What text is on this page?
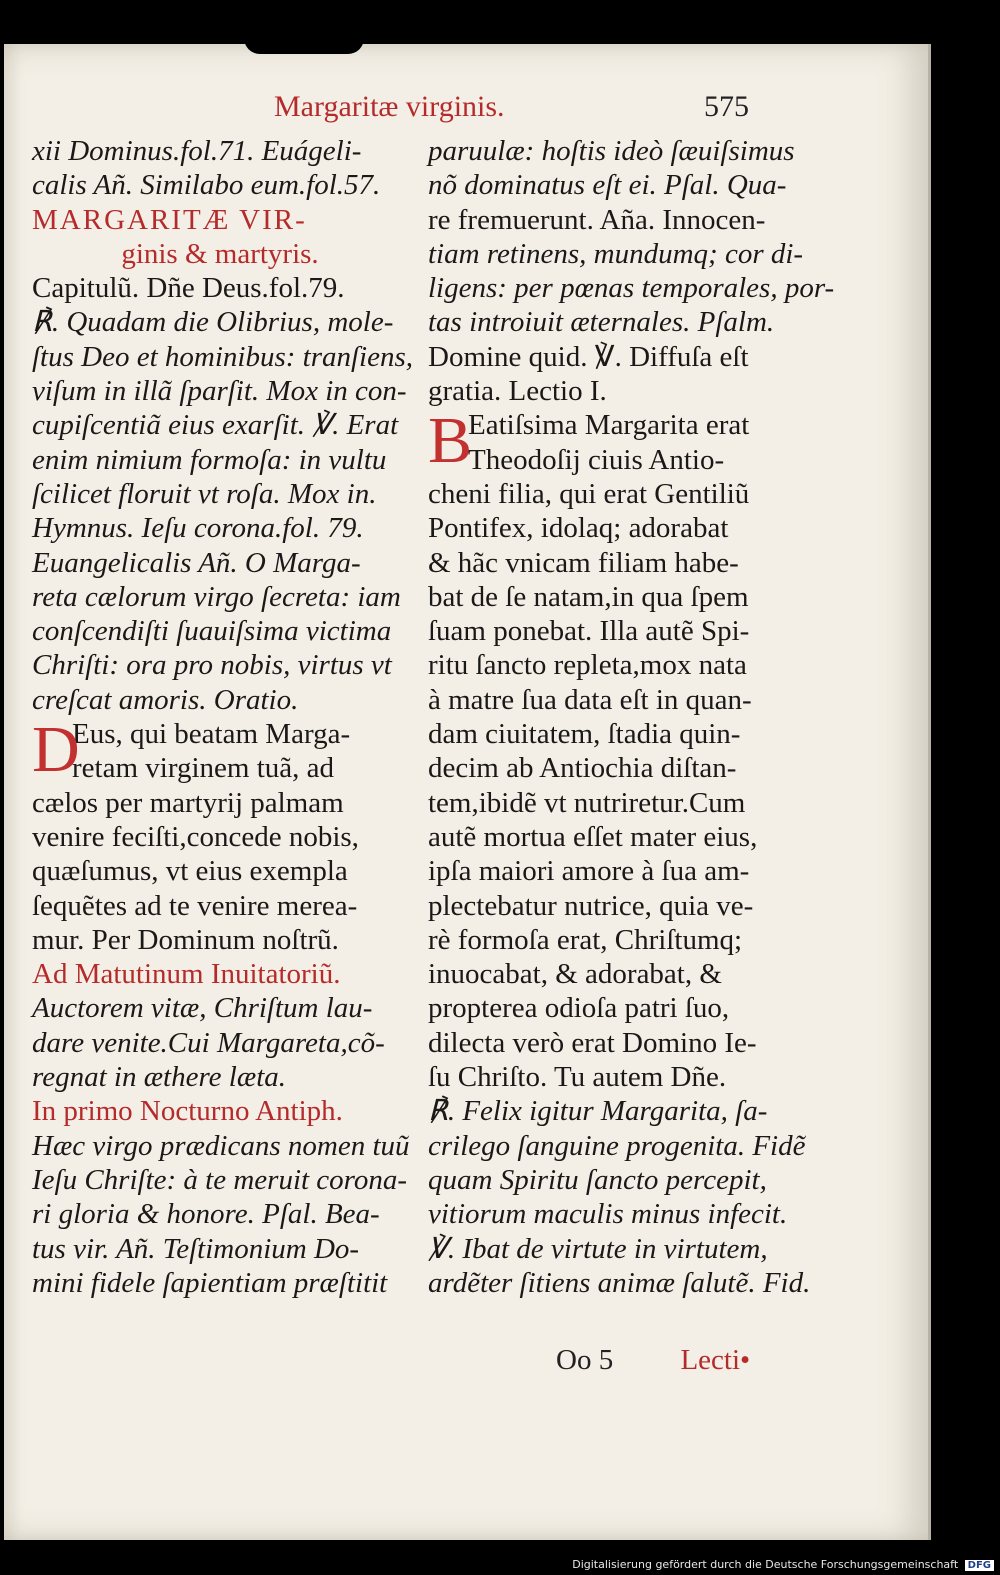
Margaritæ virginis.	575
xii Dominus.fol.71. Euágeli-
calis Añ. Similabo eum.fol.57.
MARGARITÆ VIR-
ginis & martyris.
Capitulũ. Dñe Deus.fol.79.
℟. Quadam die Olibrius, mole-
ſtus Deo et hominibus: tranſiens,
viſum in illã ſparſit. Mox in con-
cupiſcentiã eius exarſit. ℣. Erat
enim nimium formoſa: in vultu
ſcilicet floruit vt roſa. Mox in.
Hymnus. Ieſu corona.fol. 79.
Euangelicalis Añ. O Marga-
reta cælorum virgo ſecreta: iam
conſcendiſti ſuauiſsima victima
Chriſti: ora pro nobis, virtus vt
creſcat amoris. Oratio.
D
Eus, qui beatam Marga-
retam virginem tuã, ad
cælos per martyrij palmam
venire feciſti,concede nobis,
quæſumus, vt eius exempla
ſequẽtes ad te venire merea-
mur. Per Dominum noſtrũ.
Ad Matutinum Inuitatoriũ.
Auctorem vitæ, Chriſtum lau-
dare venite.Cui Margareta,cõ-
regnat in æthere læta.
In primo Nocturno Antiph.
Hæc virgo prædicans nomen tuũ
Ieſu Chriſte: à te meruit corona-
ri gloria & honore. Pſal. Bea-
tus vir. Añ. Teſtimonium Do-
mini fidele ſapientiam præſtitit
paruulæ: hoſtis ideò ſæuiſsimus
nõ dominatus eſt ei. Pſal. Qua-
re fremuerunt. Aña. Innocen-
tiam retinens, mundumq; cor di-
ligens: per pœnas temporales, por-
tas introiuit æternales. Pſalm.
Domine quid. ℣. Diffuſa eſt
gratia. Lectio I.
B
Eatiſsima Margarita erat
Theodoſij ciuis Antio-
cheni filia, qui erat Gentiliũ
Pontifex, idolaq; adorabat
& hãc vnicam filiam habe-
bat de ſe natam,in qua ſpem
ſuam ponebat. Illa autẽ Spi-
ritu ſancto repleta,mox nata
à matre ſua data eſt in quan-
dam ciuitatem, ſtadia quin-
decim ab Antiochia diſtan-
tem,ibidẽ vt nutriretur.Cum
autẽ mortua eſſet mater eius,
ipſa maiori amore à ſua am-
plectebatur nutrice, quia ve-
rè formoſa erat, Chriſtumq;
inuocabat, & adorabat, &
propterea odioſa patri ſuo,
dilecta verò erat Domino Ie-
ſu Chriſto. Tu autem Dñe.
℟. Felix igitur Margarita, ſa-
crilego ſanguine progenita. Fidẽ
quam Spiritu ſancto percepit,
vitiorum maculis minus infecit.
℣. Ibat de virtute in virtutem,
ardẽter ſitiens animæ ſalutẽ. Fid.
Oo 5 Lecti•
Digitalisierung gefördert durch die Deutsche Forschungsgemeinschaft DFG
